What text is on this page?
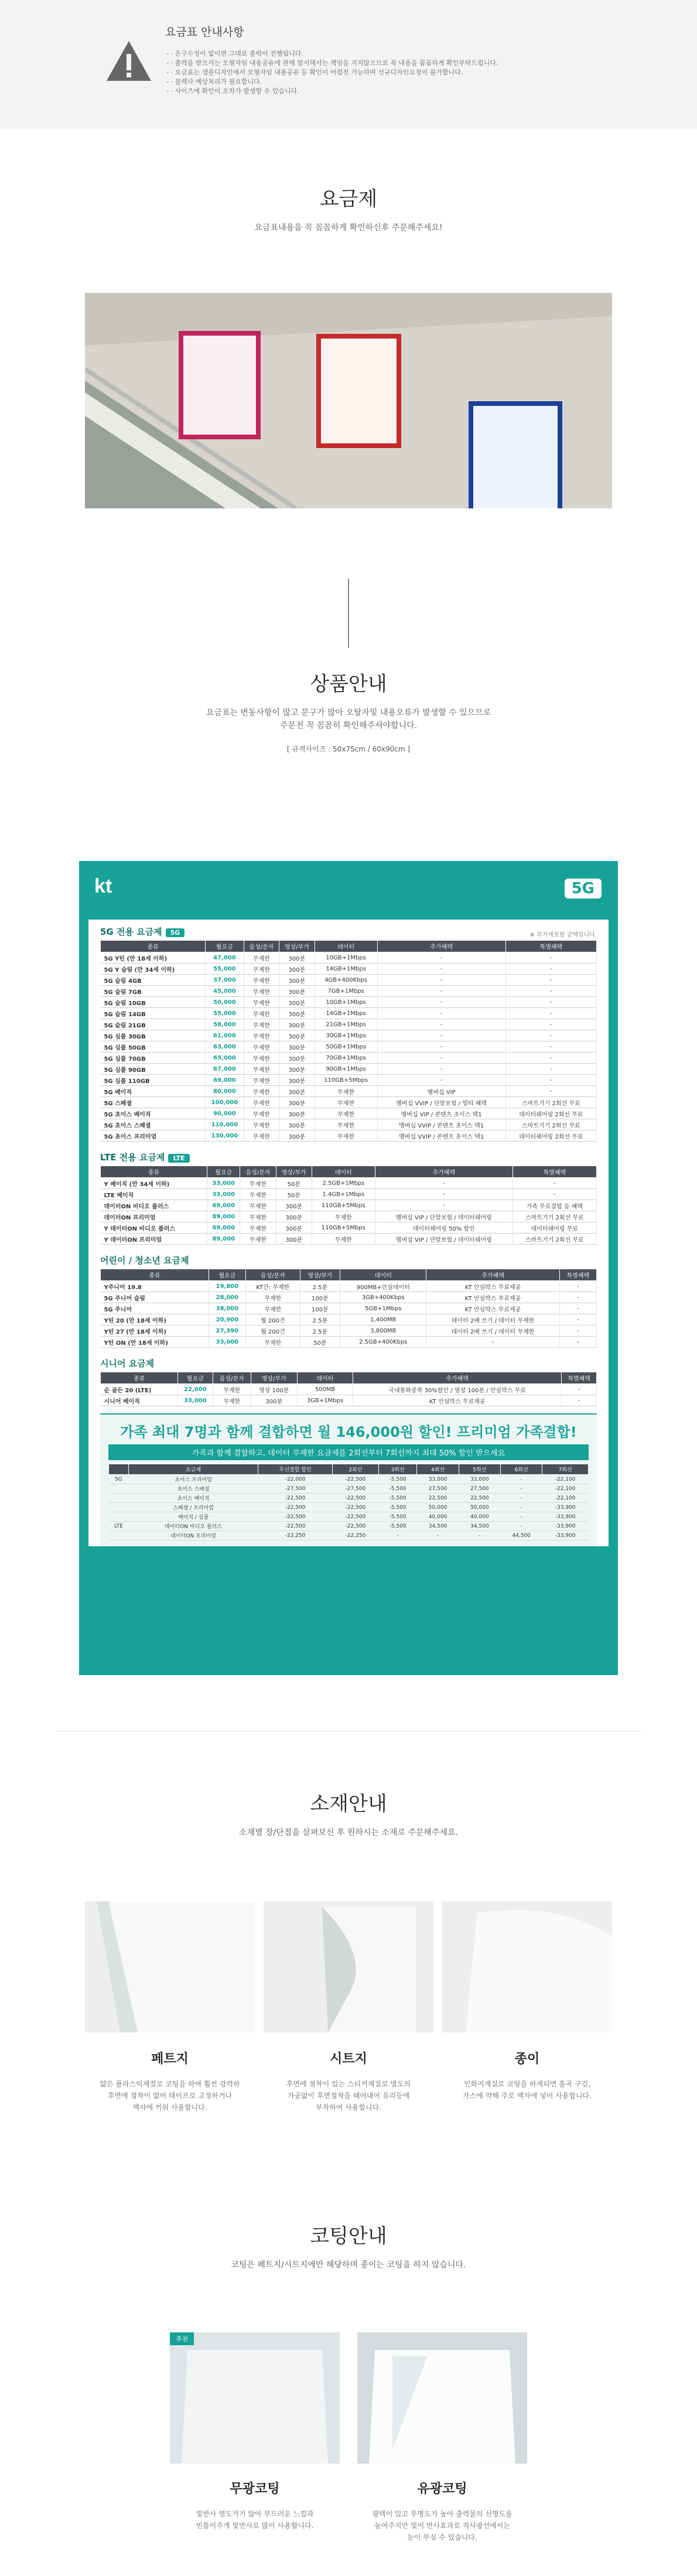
요금표 안내사항
- · 온구수정이 없이면 그대로 출력이 진행됩니다.
- · 출력을 받으셔는 모형자임 내용공유에 관해 앞서해서는 책임을 지지않으므로 꼭 내용을 꼼꼼하게 확인부탁드립니다.
- · 요금표는 샘플디자인에서 모형자임 내용공유 등 확인이 어렵전 가능하며 선규디자인요청이 불가합니다.
- · 블랙사 예상처리가 필요합니다.
- · 사이즈에 확인이 오차가 발생할 수 있습니다.
요금제
요금표내용을 꼭 꼼꼼하게 확인하신후 주문해주세요!
상품안내
요금표는 변동사항이 많고 문구가 많아 오탈자및 내용오류가 발생할 수 있으므로
주문전 꼭 꼼꼼히 확인해주셔야합니다.
[ 규격사이즈 : 50x75cm / 60x90cm ]
kt	5G
5G 전용 요금제 5G	※ 부가세포함 금액입니다.
종류	월요금	음성/문자	영상/부가	데이터	추가혜택	특별혜택
5G Y틴 (만 18세 이하)	47,000	무제한	300분	10GB+1Mbps	-	-
5G Y 슬림 (만 34세 이하)	55,000	무제한	300분	14GB+1Mbps	-	-
5G 슬림 4GB	37,000	무제한	300분	4GB+400Kbps	-	-
5G 슬림 7GB	45,000	무제한	300분	7GB+1Mbps	-	-
5G 슬림 10GB	50,000	무제한	300분	10GB+1Mbps	-	-
5G 슬림 14GB	55,000	무제한	300분	14GB+1Mbps	-	-
5G 슬림 21GB	58,000	무제한	300분	21GB+1Mbps	-	-
5G 심플 30GB	61,000	무제한	300분	30GB+1Mbps	-	-
5G 심플 50GB	63,000	무제한	300분	50GB+1Mbps	-	-
5G 심플 70GB	65,000	무제한	300분	70GB+1Mbps	-	-
5G 심플 90GB	67,000	무제한	300분	90GB+1Mbps	-	-
5G 심플 110GB	69,000	무제한	300분	110GB+5Mbps	-	-
5G 베이직	80,000	무제한	300분	무제한	멤버십 VIP	-
5G 스페셜	100,000	무제한	300분	무제한	멤버십 VVIP / 단말보험 / 멀티 혜택	스마트기기 2회선 무료
5G 초이스 베이직	90,000	무제한	300분	무제한	멤버십 VIP / 콘텐츠 초이스 택1	데이터쉐어링 2회선 무료
5G 초이스 스페셜	110,000	무제한	300분	무제한	멤버십 VVIP / 콘텐츠 초이스 택1	스마트기기 2회선 무료
5G 초이스 프리미엄	130,000	무제한	300분	무제한	멤버십 VVIP / 콘텐츠 초이스 택1	데이터쉐어링 2회선 무료
LTE 전용 요금제 LTE
종류	월요금	음성/문자	영상/부가	데이터	추가혜택	특별혜택
Y 베이직 (만 34세 이하)	33,000	무제한	50분	2.5GB+1Mbps	-	-
LTE 베이직	33,000	무제한	50분	1.4GB+1Mbps	-	-
데이터ON 비디오 플러스	69,000	무제한	300분	110GB+5Mbps	-	가족 무료결합 등 혜택
데이터ON 프리미엄	89,000	무제한	300분	무제한	멤버십 VIP / 단말보험 / 데이터쉐어링	스마트기기 2회선 무료
Y 데이터ON 비디오 플러스	69,000	무제한	300분	110GB+5Mbps	데이터쉐어링 50% 할인	데이터쉐어링 무료
Y 데이터ON 프리미엄	89,000	무제한	300분	무제한	멤버십 VIP / 단말보험 / 데이터쉐어링	스마트기기 2회선 무료
어린이 / 청소년 요금제
종류	월요금	음성/문자	영상/부가	데이터	추가혜택	특별혜택
Y주니어 19.8	19,800	KT간: 무제한	2.5분	900MB+안심데이터	KT 안심박스 무료제공	-
5G 주니어 슬림	28,000	무제한	100분	3GB+400Kbps	KT 안심박스 무료제공	-
5G 주니어	38,000	무제한	100분	5GB+1Mbps	KT 안심박스 무료제공	-
Y틴 20 (만 18세 이하)	20,900	월 200건	2.5분	1,400MB	데이터 2배 쓰기 / 데이터 무제한	-
Y틴 27 (만 18세 이하)	27,390	월 200건	2.5분	3,800MB	데이터 2배 쓰기 / 데이터 무제한	-
Y틴 ON (만 18세 이하)	33,000	무제한	50분	2.5GB+400Kbps	-	-
시니어 요금제
종류	월요금	음성/문자	영상/부가	데이터	추가혜택	특별혜택
순 골든 20 (LTE)	22,000	무제한	영상 100분	500MB	국내통화중복 30%할인 / 영상 100분 / 안심박스 무료	-
시니어 베이직	33,000	무제한	300분	3GB+1Mbps	KT 안심박스 무료제공	-
가족 최대 7명과 함께 결합하면 월 146,000원 할인! 프리미엄 가족결합!
가족과 함께 결합하고, 데이터 무제한 요금제를 2회선부터 7회선까지 최대 50% 할인 받으세요
	요금제	무선결합 할인	2회선	3회선	4회선	5회선	6회선	7회선
5G	초이스 프리미엄	-22,000	-22,500	-5,500	33,000	33,000	-	-22,100
	초이스 스페셜	-27,500	-27,500	-5,500	27,500	27,500	-	-22,100
	초이스 베이직	-22,500	-22,500	-5,500	22,500	22,500	-	-22,100
	스페셜 / 프리미엄	-22,500	-22,500	-5,500	50,000	50,000	-	-33,900
	베이직 / 심플	-22,500	-22,500	-5,500	40,000	40,000	-	-33,900
LTE	데이터ON 비디오 플러스	-22,500	-22,500	-5,500	34,500	34,500	-	-33,900
	데이터ON 프리미엄	-22,250	-22,250	-	-	-	44,500	-33,900
소재안내
소재별 장/단점을 살펴보신 후 원하시는 소재로 주문해주세요.
페트지	시트지	종이
얇은 플라스틱재질로 코팅을 하여 훨씬 강력하
후면에 점착이 없어 테이프로 고정하거나
액자에 끼워 사용합니다.
후면에 점착이 있는 스티커재질로 별도의
가공없이 후면점착을 떼어내어 유리등에
부착하여 사용합니다.
인화지재질로 코팅을 하게되면 홀곡 구김,
가스에 약해 주로 액자에 넣어 사용합니다.
코팅안내
코팅은 페트지/시트지에만 해당하며 종이는 코팅을 하지 않습니다.
추천
무광코팅	유광코팅
빛반사 염도가기 않아 부드러운 느낌과
빈틈이주게 빛반사로 많이 사용합니다.
광택이 있고 투명도가 높아 출력물의 선명도를
높여주지만 빛이 반사효과로 직사광선에서는
눈이 부실 수 있습니다.
